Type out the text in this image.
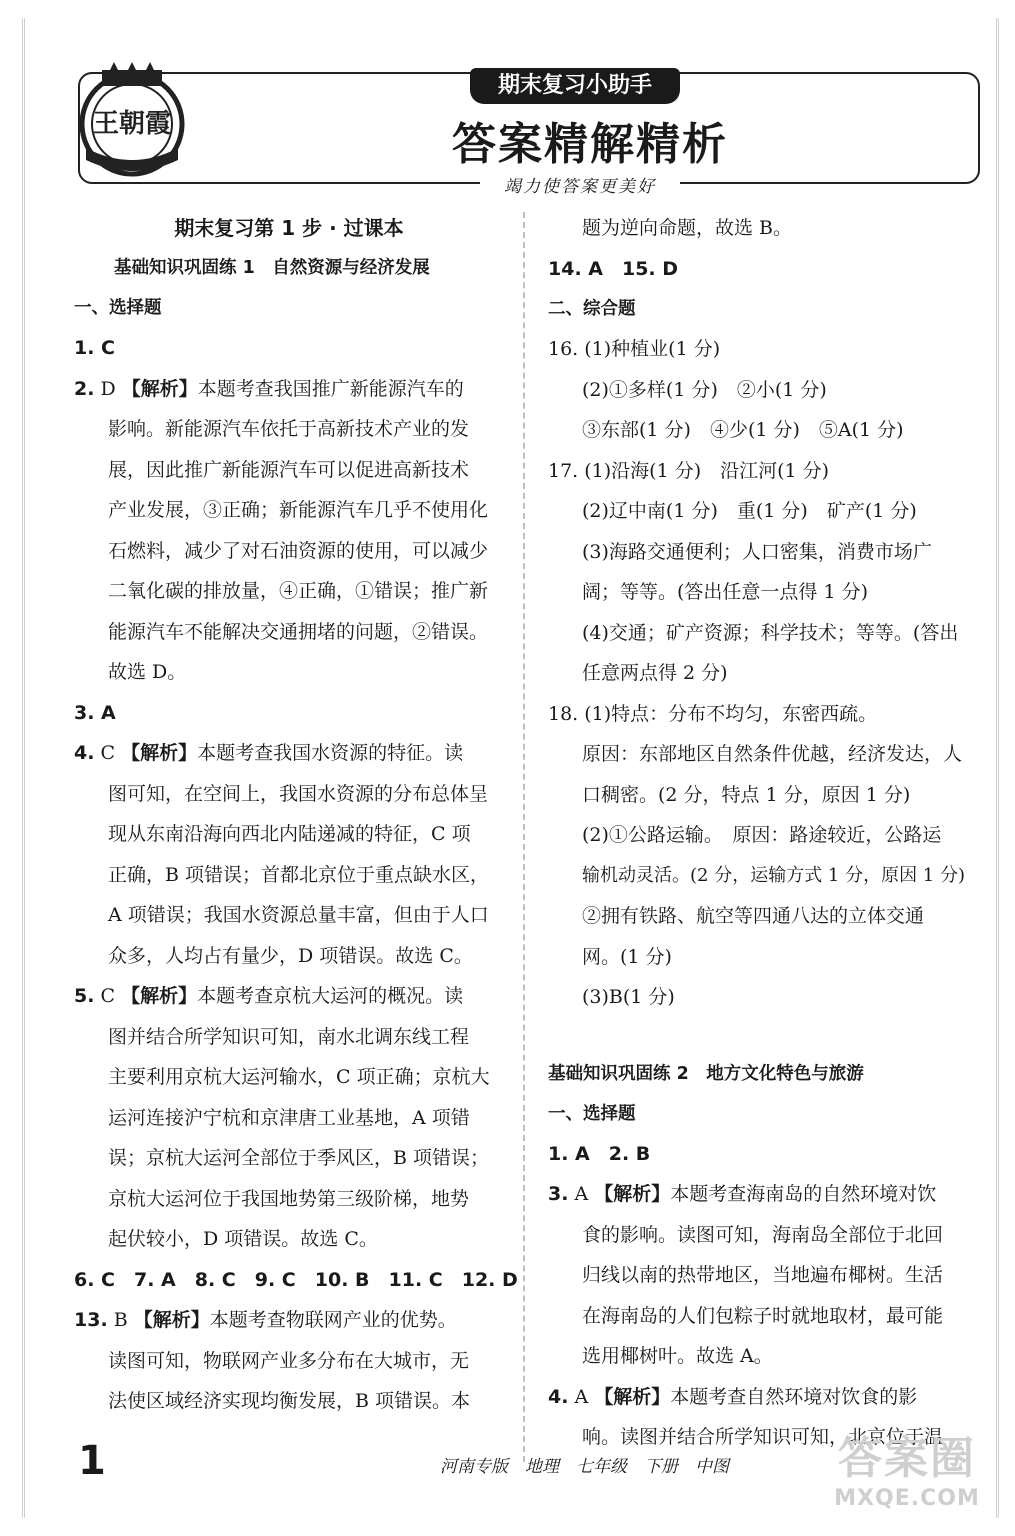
王朝霞
期末复习小助手
答案精解精析
竭力使答案更美好
期末复习第 1 步 · 过课本
基础知识巩固练 1　自然资源与经济发展
一、选择题
1. C
2. D 【解析】本题考查我国推广新能源汽车的
影响。新能源汽车依托于高新技术产业的发
展，因此推广新能源汽车可以促进高新技术
产业发展，③正确；新能源汽车几乎不使用化
石燃料，减少了对石油资源的使用，可以减少
二氧化碳的排放量，④正确，①错误；推广新
能源汽车不能解决交通拥堵的问题，②错误。
故选 D。
3. A
4. C 【解析】本题考查我国水资源的特征。读
图可知，在空间上，我国水资源的分布总体呈
现从东南沿海向西北内陆递减的特征，C 项
正确，B 项错误；首都北京位于重点缺水区，
A 项错误；我国水资源总量丰富，但由于人口
众多，人均占有量少，D 项错误。故选 C。
5. C 【解析】本题考查京杭大运河的概况。读
图并结合所学知识可知，南水北调东线工程
主要利用京杭大运河输水，C 项正确；京杭大
运河连接沪宁杭和京津唐工业基地，A 项错
误；京杭大运河全部位于季风区，B 项错误；
京杭大运河位于我国地势第三级阶梯，地势
起伏较小，D 项错误。故选 C。
6. C　7. A　8. C　9. C　10. B　11. C　12. D
13. B 【解析】本题考查物联网产业的优势。
读图可知，物联网产业多分布在大城市，无
法使区域经济实现均衡发展，B 项错误。本
题为逆向命题，故选 B。
14. A　15. D
二、综合题
16. (1)种植业(1 分)
(2)①多样(1 分)　②小(1 分)
③东部(1 分)　④少(1 分)　⑤A(1 分)
17. (1)沿海(1 分)　沿江河(1 分)
(2)辽中南(1 分)　重(1 分)　矿产(1 分)
(3)海路交通便利；人口密集，消费市场广
阔；等等。(答出任意一点得 1 分)
(4)交通；矿产资源；科学技术；等等。(答出
任意两点得 2 分)
18. (1)特点：分布不均匀，东密西疏。
原因：东部地区自然条件优越，经济发达，人
口稠密。(2 分，特点 1 分，原因 1 分)
(2)①公路运输。　原因：路途较近，公路运
输机动灵活。(2 分，运输方式 1 分，原因 1 分)
②拥有铁路、航空等四通八达的立体交通
网。(1 分)
(3)B(1 分)
基础知识巩固练 2　地方文化特色与旅游
一、选择题
1. A　2. B
3. A 【解析】本题考查海南岛的自然环境对饮
食的影响。读图可知，海南岛全部位于北回
归线以南的热带地区，当地遍布椰树。生活
在海南岛的人们包粽子时就地取材，最可能
选用椰树叶。故选 A。
4. A 【解析】本题考查自然环境对饮食的影
响。读图并结合所学知识可知，北京位于温
1	河南专版　地理　七年级　下册　中图 答案圈
MXQE.COM
